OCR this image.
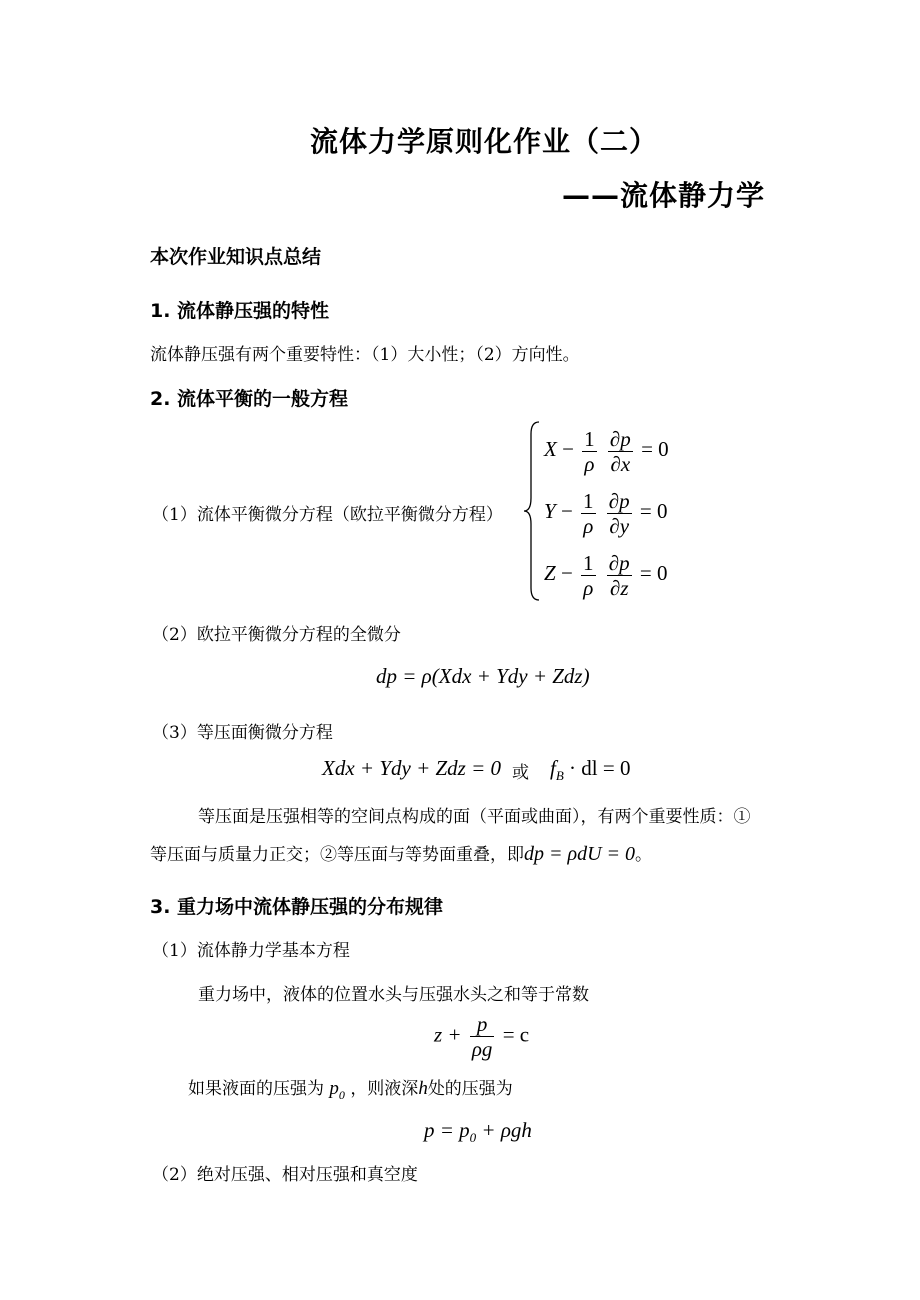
流体力学原则化作业（二）
——流体静力学
本次作业知识点总结
1. 流体静压强的特性
流体静压强有两个重要特性：（1）大小性；（2）方向性。
2. 流体平衡的一般方程
（1）流体平衡微分方程（欧拉平衡微分方程）
$X - \frac{1}{\rho}$
$\frac{\partial p}{\partial x} = 0$
$Y - \frac{1}{\rho}$
$\frac{\partial p}{\partial y} = 0$
$Z - \frac{1}{\rho}$
$\frac{\partial p}{\partial z} = 0$
（2）欧拉平衡微分方程的全微分
dp = ρ(Xdx + Ydy + Zdz)
（3）等压面衡微分方程
Xdx + Ydy + Zdz = 0 或 $f_B$ · dl = 0
等压面是压强相等的空间点构成的面（平面或曲面），有两个重要性质：①
等压面与质量力正交；②等压面与等势面重叠，即dp = ρdU = 0。
3. 重力场中流体静压强的分布规律
（1）流体静力学基本方程
重力场中，液体的位置水头与压强水头之和等于常数
$z + \frac{p}{\rho g} = c$
如果液面的压强为 $p_0$ ，则液深h处的压强为
$p = p_0 + \rho gh$
（2）绝对压强、相对压强和真空度
